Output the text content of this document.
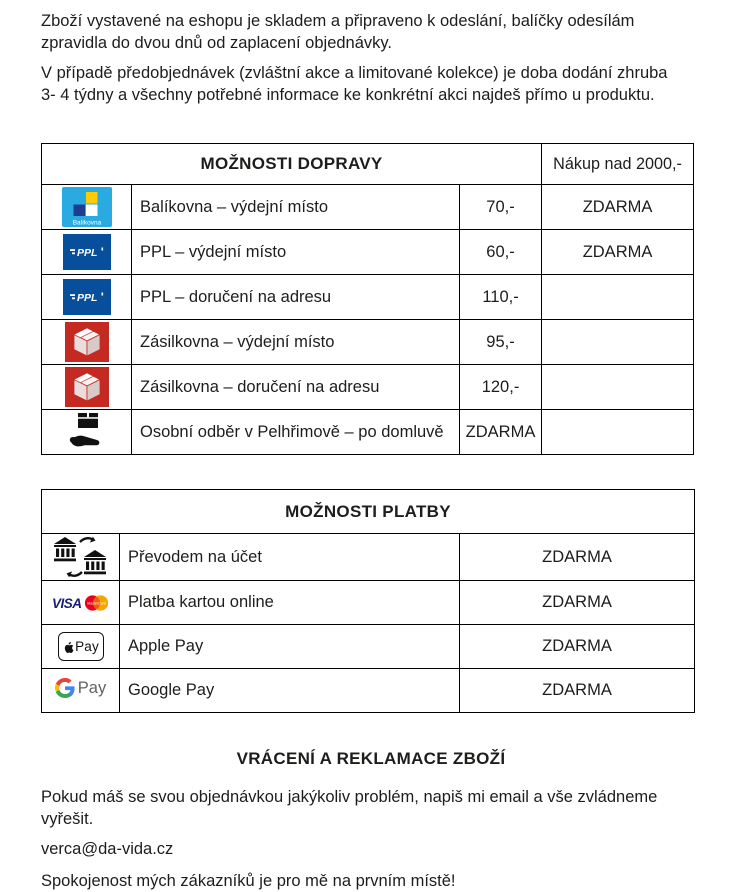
Zboží vystavené na eshopu je skladem a připraveno k odeslání, balíčky odesílám zpravidla do dvou dnů od zaplacení objednávky.

V případě předobjednávek (zvláštní akce a limitované kolekce) je doba dodání zhruba 3- 4 týdny a všechny potřebné informace ke konkrétní akci najdeš přímo u produktu.

MOŽNOSTI DOPRAVY			Nákup nad 2000,-

Balíkovna	Balíkovna – výdejní místo	70,-	ZDARMA

PPL	PPL – výdejní místo	60,-	ZDARMA

PPL	PPL – doručení na adresu	110,-	
	Zásilkovna – výdejní místo	95,-	
	Zásilkovna – doručení na adresu	120,-	
	Osobní odběr v Pelhřimově – po domluvě	ZDARMA	
MOŽNOSTI PLATBY		
	Převodem na účet	ZDARMA

VISA MasterCard	Platba kartou online	ZDARMA

Pay	Apple Pay	ZDARMA

Pay	Google Pay	ZDARMA
VRÁCENÍ A REKLAMACE ZBOŽÍ

Pokud máš se svou objednávkou jakýkoliv problém, napiš mi email a vše zvládneme vyřešit.

verca@da-vida.cz

Spokojenost mých zákazníků je pro mě na prvním místě!
